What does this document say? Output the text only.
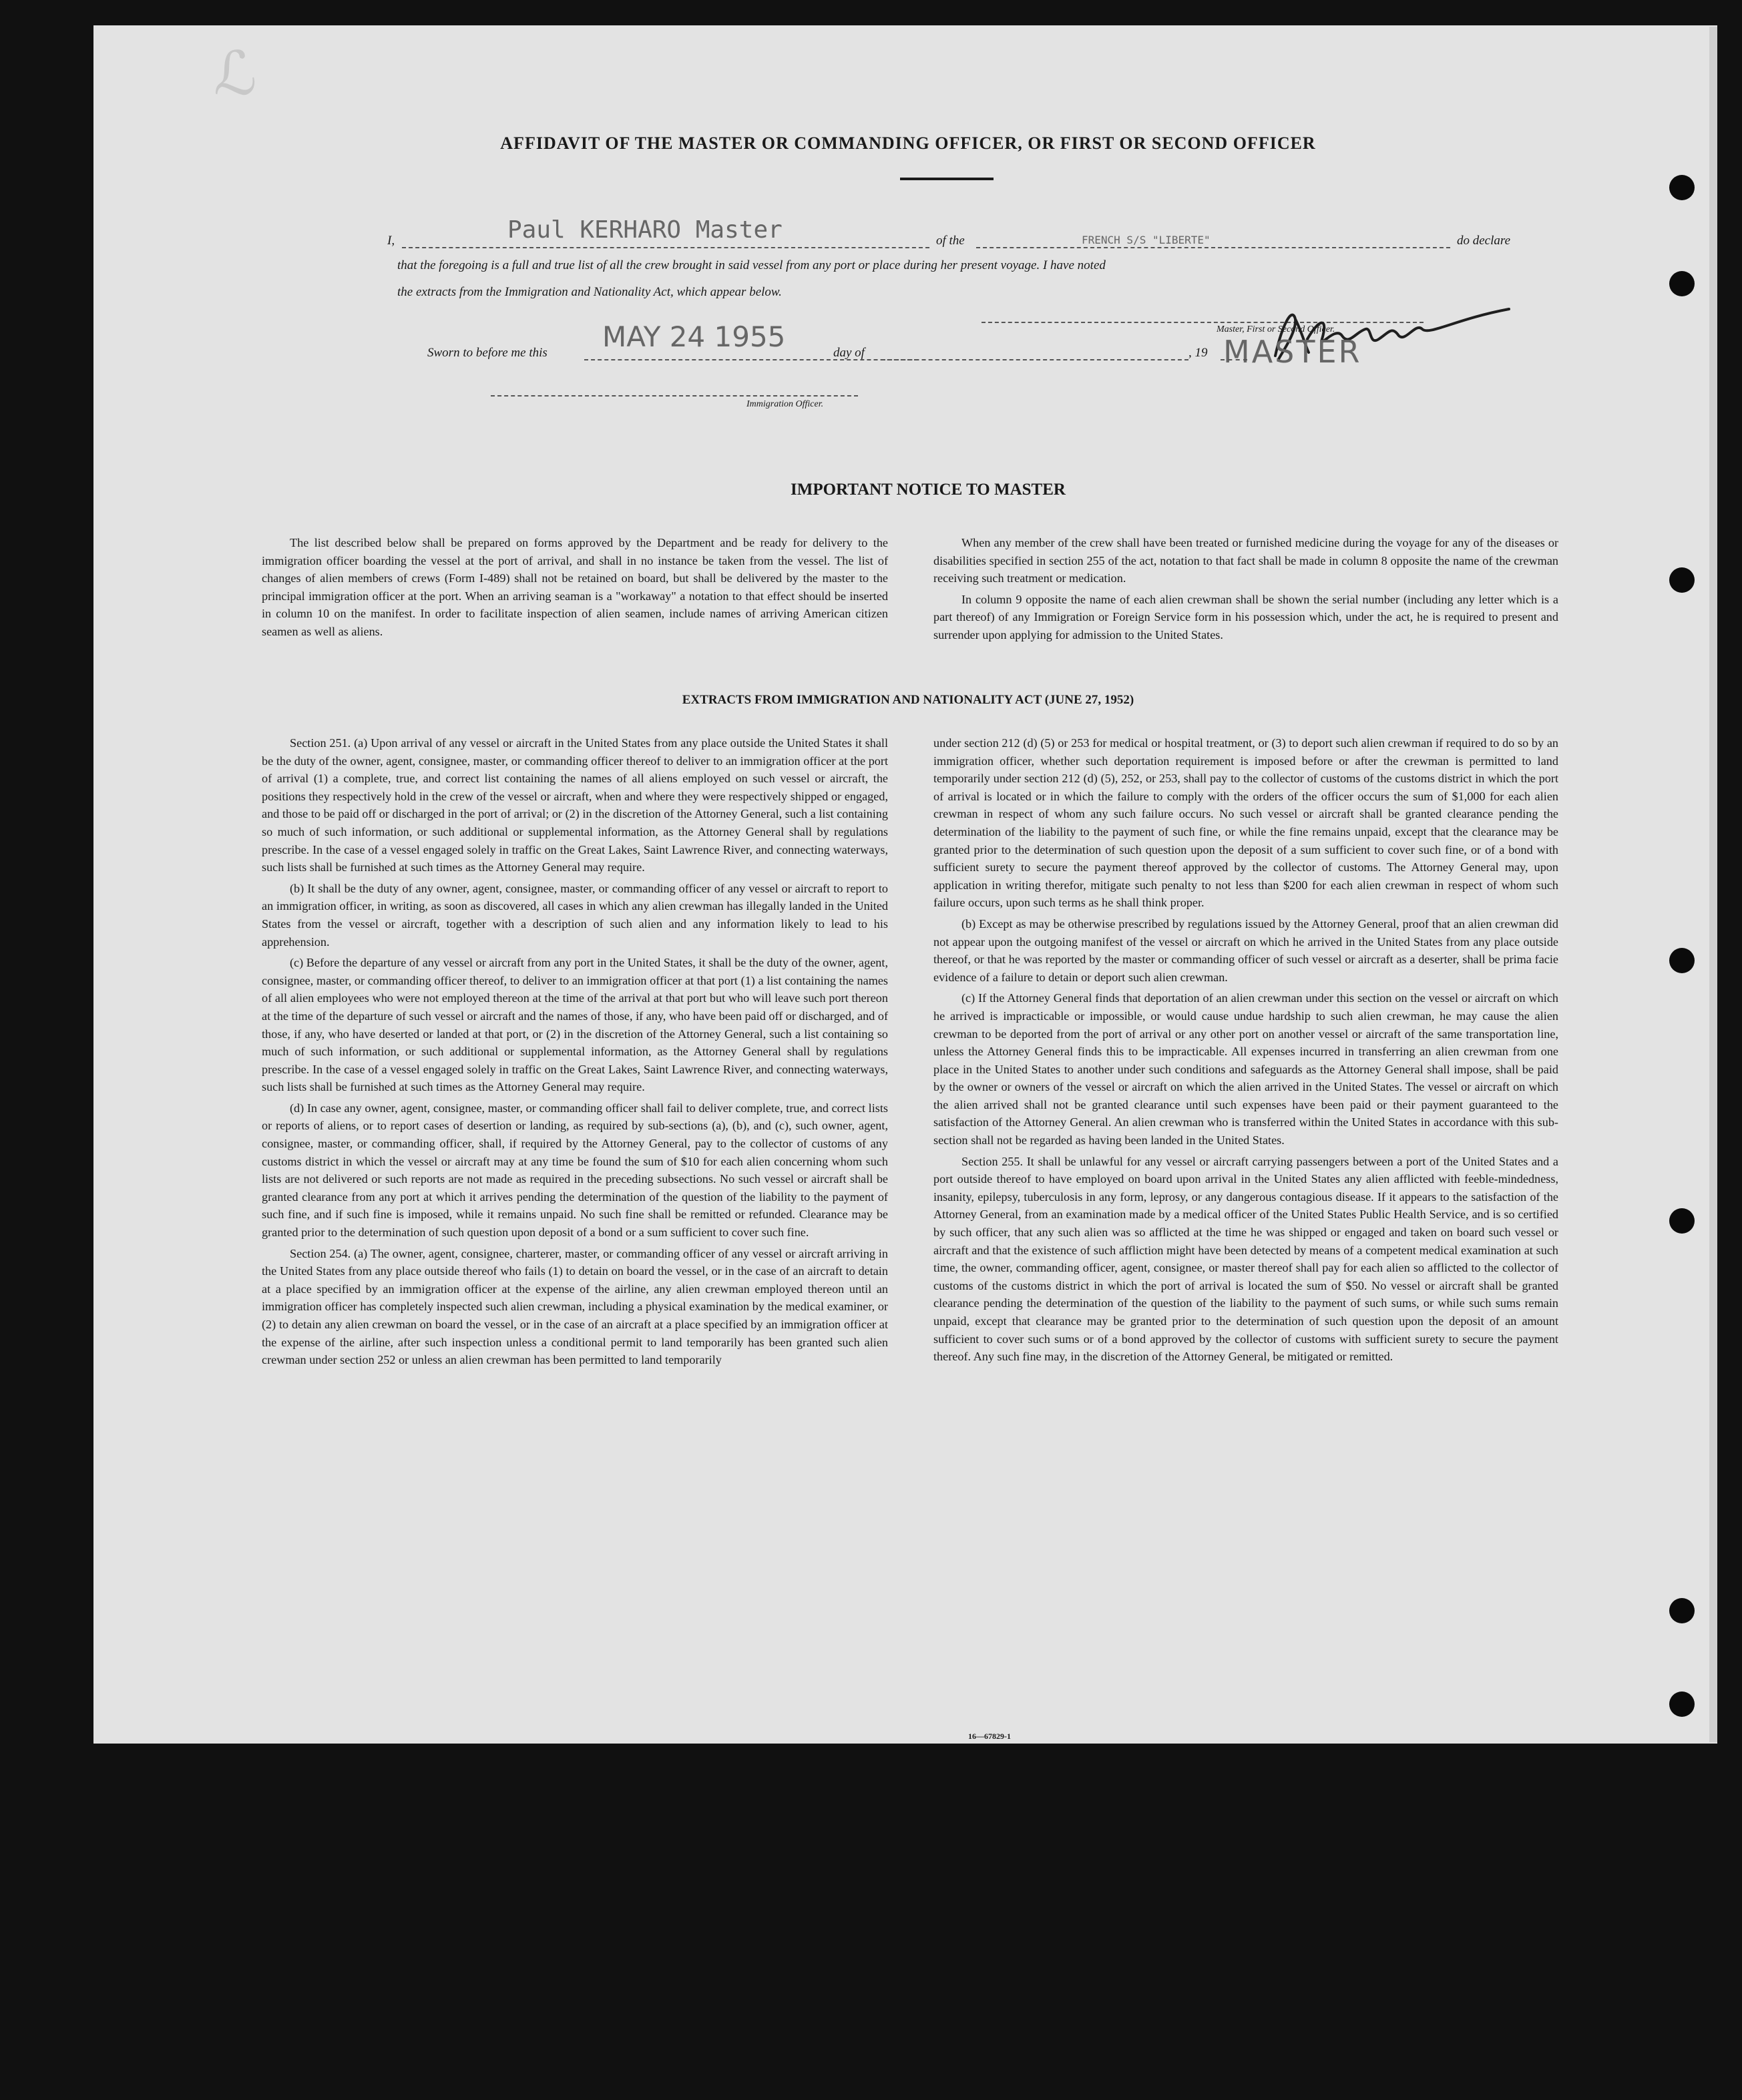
ℒ
AFFIDAVIT OF THE MASTER OR COMMANDING OFFICER, OR FIRST OR SECOND OFFICER
I,	Paul KERHARO Master	of the	FRENCH S/S "LIBERTE"	do declare
that the foregoing is a full and true list of all the crew brought in said vessel from any port or place during her present voyage. I have noted
the extracts from the Immigration and Nationality Act, which appear below.
Master, First or Second Officer.
MASTER
Sworn to before me this MAY 24 1955	day of	, 19
Immigration Officer.
IMPORTANT NOTICE TO MASTER

The list described below shall be prepared on forms approved by the Department and be ready for delivery to the immigration officer boarding the vessel at the port of arrival, and shall in no instance be taken from the vessel. The list of changes of alien members of crews (Form I-489) shall not be retained on board, but shall be delivered by the master to the principal immigration officer at the port. When an arriving seaman is a "workaway" a notation to that effect should be inserted in column 10 on the manifest. In order to facilitate inspection of alien seamen, include names of arriving American citizen seamen as well as aliens.

When any member of the crew shall have been treated or furnished medicine during the voyage for any of the diseases or disabilities specified in section 255 of the act, notation to that fact shall be made in column 8 opposite the name of the crewman receiving such treatment or medication.

In column 9 opposite the name of each alien crewman shall be shown the serial number (including any letter which is a part thereof) of any Immigration or Foreign Service form in his possession which, under the act, he is required to present and surrender upon applying for admission to the United States.

EXTRACTS FROM IMMIGRATION AND NATIONALITY ACT (JUNE 27, 1952)

Section 251. (a) Upon arrival of any vessel or aircraft in the United States from any place outside the United States it shall be the duty of the owner, agent, consignee, master, or commanding officer thereof to deliver to an immigration officer at the port of arrival (1) a complete, true, and correct list containing the names of all aliens employed on such vessel or aircraft, the positions they respectively hold in the crew of the vessel or aircraft, when and where they were respectively shipped or engaged, and those to be paid off or discharged in the port of arrival; or (2) in the discretion of the Attorney General, such a list containing so much of such information, or such additional or supplemental information, as the Attorney General shall by regulations prescribe. In the case of a vessel engaged solely in traffic on the Great Lakes, Saint Lawrence River, and connecting waterways, such lists shall be furnished at such times as the Attorney General may require.

(b) It shall be the duty of any owner, agent, consignee, master, or commanding officer of any vessel or aircraft to report to an immigration officer, in writing, as soon as discovered, all cases in which any alien crewman has illegally landed in the United States from the vessel or aircraft, together with a description of such alien and any information likely to lead to his apprehension.

(c) Before the departure of any vessel or aircraft from any port in the United States, it shall be the duty of the owner, agent, consignee, master, or commanding officer thereof, to deliver to an immigration officer at that port (1) a list containing the names of all alien employees who were not employed thereon at the time of the arrival at that port but who will leave such port thereon at the time of the departure of such vessel or aircraft and the names of those, if any, who have been paid off or discharged, and of those, if any, who have deserted or landed at that port, or (2) in the discretion of the Attorney General, such a list containing so much of such information, or such additional or supplemental information, as the Attorney General shall by regulations prescribe. In the case of a vessel engaged solely in traffic on the Great Lakes, Saint Lawrence River, and connecting waterways, such lists shall be furnished at such times as the Attorney General may require.

(d) In case any owner, agent, consignee, master, or commanding officer shall fail to deliver complete, true, and correct lists or reports of aliens, or to report cases of desertion or landing, as required by sub-sections (a), (b), and (c), such owner, agent, consignee, master, or commanding officer, shall, if required by the Attorney General, pay to the collector of customs of any customs district in which the vessel or aircraft may at any time be found the sum of $10 for each alien concerning whom such lists are not delivered or such reports are not made as required in the preceding subsections. No such vessel or aircraft shall be granted clearance from any port at which it arrives pending the determination of the question of the liability to the payment of such fine, and if such fine is imposed, while it remains unpaid. No such fine shall be remitted or refunded. Clearance may be granted prior to the determination of such question upon deposit of a bond or a sum sufficient to cover such fine.

Section 254. (a) The owner, agent, consignee, charterer, master, or commanding officer of any vessel or aircraft arriving in the United States from any place outside thereof who fails (1) to detain on board the vessel, or in the case of an aircraft to detain at a place specified by an immigration officer at the expense of the airline, any alien crewman employed thereon until an immigration officer has completely inspected such alien crewman, including a physical examination by the medical examiner, or (2) to detain any alien crewman on board the vessel, or in the case of an aircraft at a place specified by an immigration officer at the expense of the airline, after such inspection unless a conditional permit to land temporarily has been granted such alien crewman under section 252 or unless an alien crewman has been permitted to land temporarily

under section 212 (d) (5) or 253 for medical or hospital treatment, or (3) to deport such alien crewman if required to do so by an immigration officer, whether such deportation requirement is imposed before or after the crewman is permitted to land temporarily under section 212 (d) (5), 252, or 253, shall pay to the collector of customs of the customs district in which the port of arrival is located or in which the failure to comply with the orders of the officer occurs the sum of $1,000 for each alien crewman in respect of whom any such failure occurs. No such vessel or aircraft shall be granted clearance pending the determination of the liability to the payment of such fine, or while the fine remains unpaid, except that the clearance may be granted prior to the determination of such question upon the deposit of a sum sufficient to cover such fine, or of a bond with sufficient surety to secure the payment thereof approved by the collector of customs. The Attorney General may, upon application in writing therefor, mitigate such penalty to not less than $200 for each alien crewman in respect of whom such failure occurs, upon such terms as he shall think proper.

(b) Except as may be otherwise prescribed by regulations issued by the Attorney General, proof that an alien crewman did not appear upon the outgoing manifest of the vessel or aircraft on which he arrived in the United States from any place outside thereof, or that he was reported by the master or commanding officer of such vessel or aircraft as a deserter, shall be prima facie evidence of a failure to detain or deport such alien crewman.

(c) If the Attorney General finds that deportation of an alien crewman under this section on the vessel or aircraft on which he arrived is impracticable or impossible, or would cause undue hardship to such alien crewman, he may cause the alien crewman to be deported from the port of arrival or any other port on another vessel or aircraft of the same transportation line, unless the Attorney General finds this to be impracticable. All expenses incurred in transferring an alien crewman from one place in the United States to another under such conditions and safeguards as the Attorney General shall impose, shall be paid by the owner or owners of the vessel or aircraft on which the alien arrived in the United States. The vessel or aircraft on which the alien arrived shall not be granted clearance until such expenses have been paid or their payment guaranteed to the satisfaction of the Attorney General. An alien crewman who is transferred within the United States in accordance with this sub-section shall not be regarded as having been landed in the United States.

Section 255. It shall be unlawful for any vessel or aircraft carrying passengers between a port of the United States and a port outside thereof to have employed on board upon arrival in the United States any alien afflicted with feeble-mindedness, insanity, epilepsy, tuberculosis in any form, leprosy, or any dangerous contagious disease. If it appears to the satisfaction of the Attorney General, from an examination made by a medical officer of the United States Public Health Service, and is so certified by such officer, that any such alien was so afflicted at the time he was shipped or engaged and taken on board such vessel or aircraft and that the existence of such affliction might have been detected by means of a competent medical examination at such time, the owner, commanding officer, agent, consignee, or master thereof shall pay for each alien so afflicted to the collector of customs of the customs district in which the port of arrival is located the sum of $50. No vessel or aircraft shall be granted clearance pending the determination of the question of the liability to the payment of such sums, or while such sums remain unpaid, except that clearance may be granted prior to the determination of such question upon the deposit of an amount sufficient to cover such sums or of a bond approved by the collector of customs with sufficient surety to secure the payment thereof. Any such fine may, in the discretion of the Attorney General, be mitigated or remitted.

16—67829-1
